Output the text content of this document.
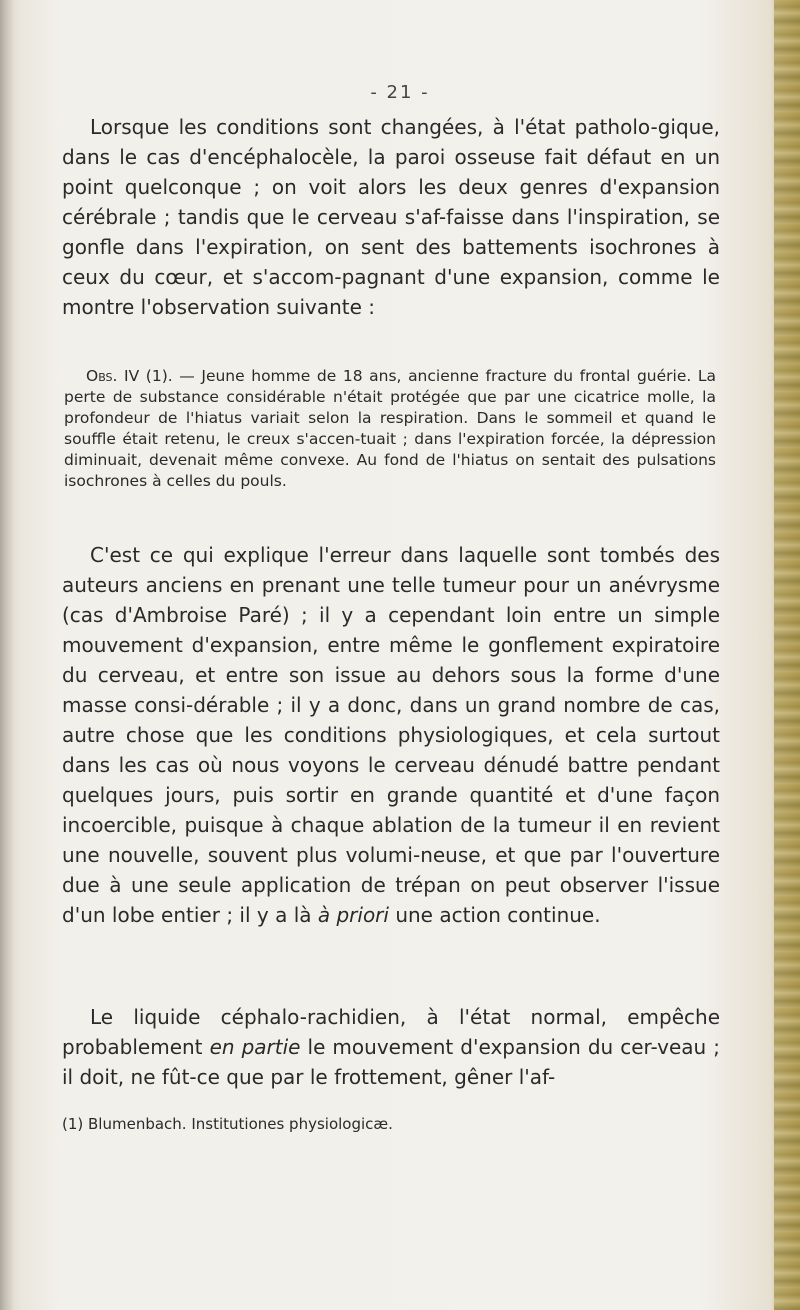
- 21 -

Lorsque les conditions sont changées, à l'état patholo-gique, dans le cas d'encéphalocèle, la paroi osseuse fait défaut en un point quelconque ; on voit alors les deux genres d'expansion cérébrale ; tandis que le cerveau s'af-faisse dans l'inspiration, se gonfle dans l'expiration, on sent des battements isochrones à ceux du cœur, et s'accom-pagnant d'une expansion, comme le montre l'observation suivante :

Obs. IV (1). — Jeune homme de 18 ans, ancienne fracture du frontal guérie. La perte de substance considérable n'était protégée que par une cicatrice molle, la profondeur de l'hiatus variait selon la respiration. Dans le sommeil et quand le souffle était retenu, le creux s'accen-tuait ; dans l'expiration forcée, la dépression diminuait, devenait même convexe. Au fond de l'hiatus on sentait des pulsations isochrones à celles du pouls.

C'est ce qui explique l'erreur dans laquelle sont tombés des auteurs anciens en prenant une telle tumeur pour un anévrysme (cas d'Ambroise Paré) ; il y a cependant loin entre un simple mouvement d'expansion, entre même le gonflement expiratoire du cerveau, et entre son issue au dehors sous la forme d'une masse consi-dérable ; il y a donc, dans un grand nombre de cas, autre chose que les conditions physiologiques, et cela surtout dans les cas où nous voyons le cerveau dénudé battre pendant quelques jours, puis sortir en grande quantité et d'une façon incoercible, puisque à chaque ablation de la tumeur il en revient une nouvelle, souvent plus volumi-neuse, et que par l'ouverture due à une seule application de trépan on peut observer l'issue d'un lobe entier ; il y a là à priori une action continue.

Le liquide céphalo-rachidien, à l'état normal, empêche probablement en partie le mouvement d'expansion du cer-veau ; il doit, ne fût-ce que par le frottement, gêner l'af-

(1) Blumenbach. Institutiones physiologicæ.
